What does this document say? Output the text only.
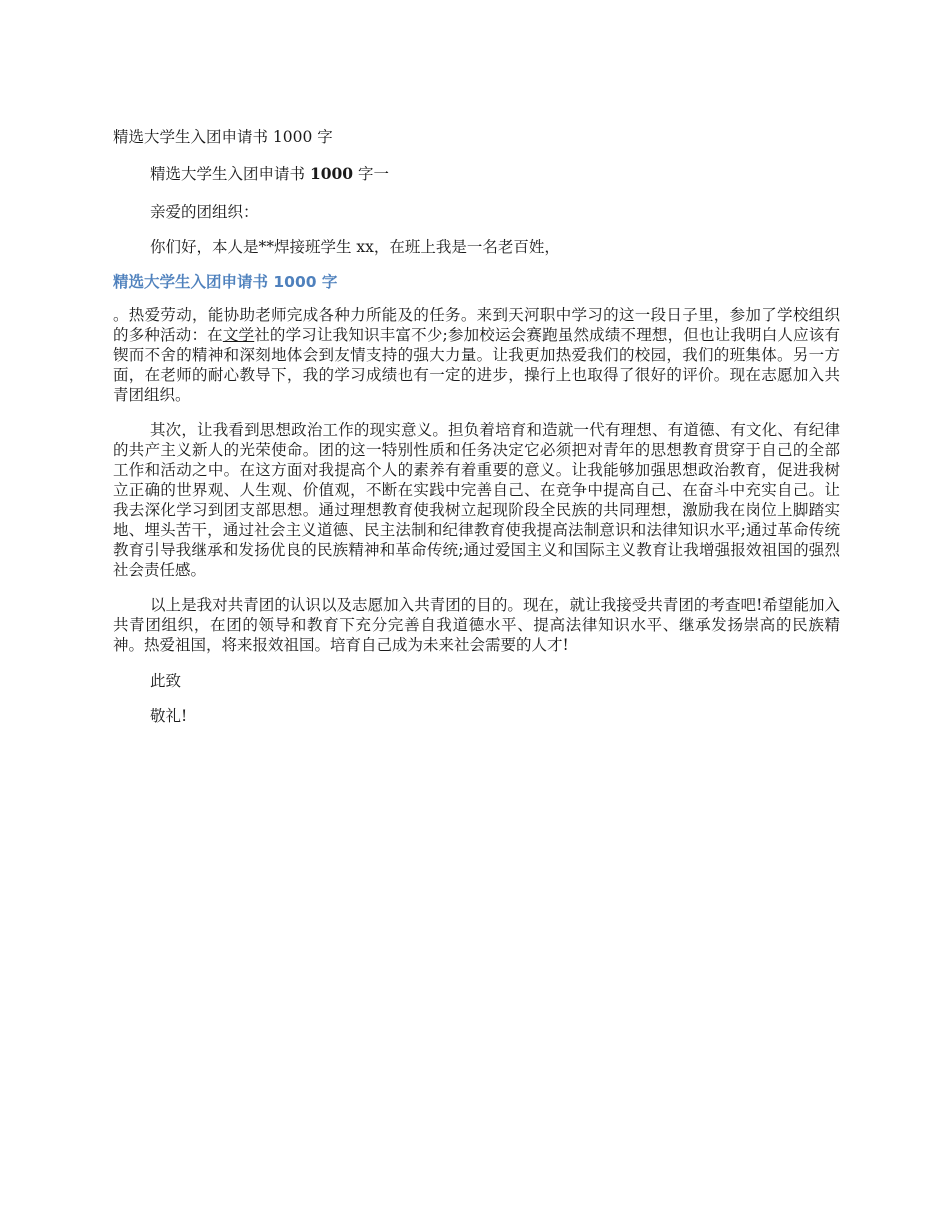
精选大学生入团申请书 1000 字

精选大学生入团申请书 1000 字一

亲爱的团组织：

你们好，本人是**焊接班学生 xx，在班上我是一名老百姓，

精选大学生入团申请书 1000 字

。热爱劳动，能协助老师完成各种力所能及的任务。来到天河职中学习的这一段日子里，参加了学校组织的多种活动：在文学社的学习让我知识丰富不少;参加校运会赛跑虽然成绩不理想，但也让我明白人应该有锲而不舍的精神和深刻地体会到友情支持的强大力量。让我更加热爱我们的校园，我们的班集体。另一方面，在老师的耐心教导下，我的学习成绩也有一定的进步，操行上也取得了很好的评价。现在志愿加入共青团组织。

其次，让我看到思想政治工作的现实意义。担负着培育和造就一代有理想、有道德、有文化、有纪律的共产主义新人的光荣使命。团的这一特别性质和任务决定它必须把对青年的思想教育贯穿于自己的全部工作和活动之中。在这方面对我提高个人的素养有着重要的意义。让我能够加强思想政治教育，促进我树立正确的世界观、人生观、价值观，不断在实践中完善自己、在竞争中提高自己、在奋斗中充实自己。让我去深化学习到团支部思想。通过理想教育使我树立起现阶段全民族的共同理想，激励我在岗位上脚踏实地、埋头苦干，通过社会主义道德、民主法制和纪律教育使我提高法制意识和法律知识水平;通过革命传统教育引导我继承和发扬优良的民族精神和革命传统;通过爱国主义和国际主义教育让我增强报效祖国的强烈社会责任感。

以上是我对共青团的认识以及志愿加入共青团的目的。现在，就让我接受共青团的考查吧!希望能加入共青团组织，在团的领导和教育下充分完善自我道德水平、提高法律知识水平、继承发扬崇高的民族精神。热爱祖国，将来报效祖国。培育自己成为未来社会需要的人才!

此致

敬礼!
